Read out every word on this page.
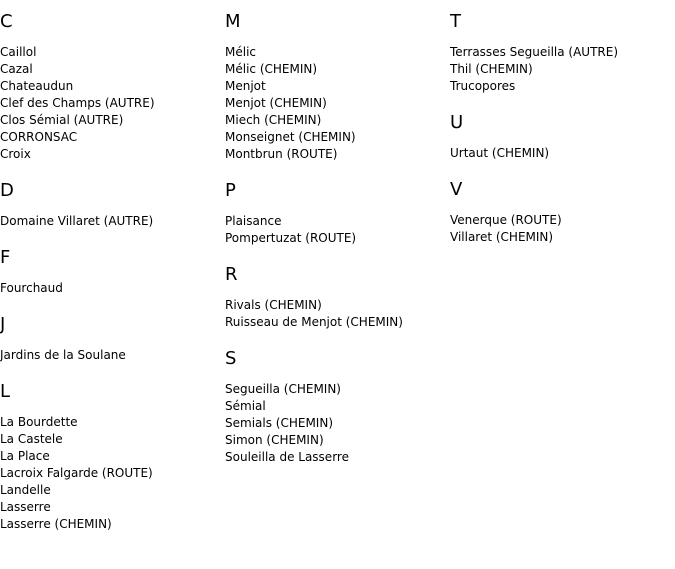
C
Caillol
Cazal
Chateaudun
Clef des Champs (AUTRE)
Clos Sémial (AUTRE)
CORRONSAC
Croix
D
Domaine Villaret (AUTRE)
F
Fourchaud
J
Jardins de la Soulane
L
La Bourdette
La Castele
La Place
Lacroix Falgarde (ROUTE)
Landelle
Lasserre
Lasserre (CHEMIN)
M
Mélic
Mélic (CHEMIN)
Menjot
Menjot (CHEMIN)
Miech (CHEMIN)
Monseignet (CHEMIN)
Montbrun (ROUTE)
P
Plaisance
Pompertuzat (ROUTE)
R
Rivals (CHEMIN)
Ruisseau de Menjot (CHEMIN)
S
Segueilla (CHEMIN)
Sémial
Semials (CHEMIN)
Simon (CHEMIN)
Souleilla de Lasserre
T
Terrasses Segueilla (AUTRE)
Thil (CHEMIN)
Trucopores
U
Urtaut (CHEMIN)
V
Venerque (ROUTE)
Villaret (CHEMIN)
